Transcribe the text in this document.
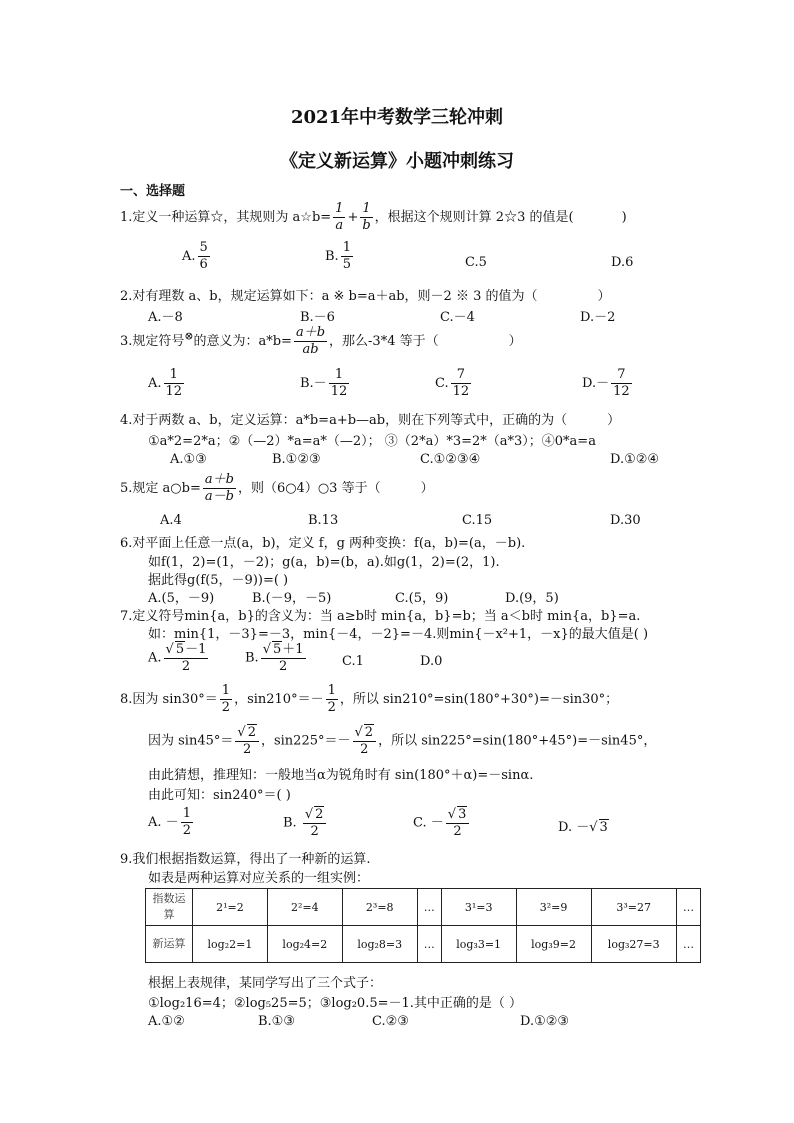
2021年中考数学三轮冲刺
《定义新运算》小题冲刺练习
一、选择题
1.定义一种运算☆，其规则为 a☆b= $\frac{1}{a} + \frac{1}{b}$ ，根据这个规则计算 2☆3 的值是(	)
A. $\frac{5}{6}$	B. $\frac{1}{5}$	C.5	D.6
2.对有理数 a、b，规定运算如下：a ※ b=a＋ab，则－2 ※ 3 的值为（	）
A.－8	B.－6	C.－4	D.－2
3.规定符号⊗的意义为：$a*b= \frac{a+b}{ab}$ ，那么-3*4 等于（	）
A. $\frac{1}{12}$	$B.- \frac{1}{12}$	C. $\frac{7}{12}$	$D.- \frac{7}{12}$
4.对于两数 a、b，定义运算：a*b=a+b—ab，则在下列等式中，正确的为（	）
①a*2=2*a；②（—2）*a=a*（—2）； ③（2*a）*3=2*（a*3）；④0*a=a
A.①③	B.①②③	C.①②③④	D.①②④
5.规定 a○b= $\frac{a+b}{a-b}$ ，则（6○4）○3 等于（	）
A.4	B.13	C.15	D.30
6.对平面上任意一点(a，b)，定义 f，g 两种变换：f(a，b)=(a，－b).
如f(1，2)=(1，－2)；g(a，b)=(b，a).如g(1，2)=(2，1).
据此得g(f(5，－9))=( )
A.(5，－9)	B.(－9，－5)	C.(5，9)	D.(9，5)
7.定义符号min{a，b}的含义为：当 a≥b时 min{a，b}=b；当 a＜b时 min{a，b}=a.
如：min{1，－3}=－3，min{－4，－2}=－4.则min{－x²+1，－x}的最大值是( )
A. $\frac{√ 5-1}{2}$	B. $\frac{√ 5+1}{2}$	C.1	D.0
8.因为 $\sin 30^\circ= \frac{1}{2}$ ，$\sin 210^\circ=- \frac{1}{2}$ ，所以 sin210°=sin(180°+30°)=－sin30°；
因为 $\sin 45^\circ= \frac{√ 2}{2}$ ，$\sin 225^\circ=- \frac{√ 2}{2}$ ，所以 sin225°=sin(180°+45°)=－sin45°，
由此猜想，推理知：一般地当α为锐角时有 sin(180°＋α)=－sinα.
由此可知：sin240°＝( )
A. － $\frac{1}{2}$	B. $\frac{√ 2}{2}$	C. － $\frac{√ 3}{2}$	D. －√ 3
9.我们根据指数运算，得出了一种新的运算.
如表是两种运算对应关系的一组实例：
指数运算	2¹=2	2²=4	2³=8	…	3¹=3	3²=9	3³=27	…
新运算	log₂2=1	log₂4=2	log₂8=3	…	log₃3=1	log₃9=2	log₃27=3	…
根据上表规律，某同学写出了三个式子：
①log₂16=4；②log₅25=5；③log₂0.5=－1.其中正确的是（ ）
A.①②	B.①③	C.②③	D.①②③
